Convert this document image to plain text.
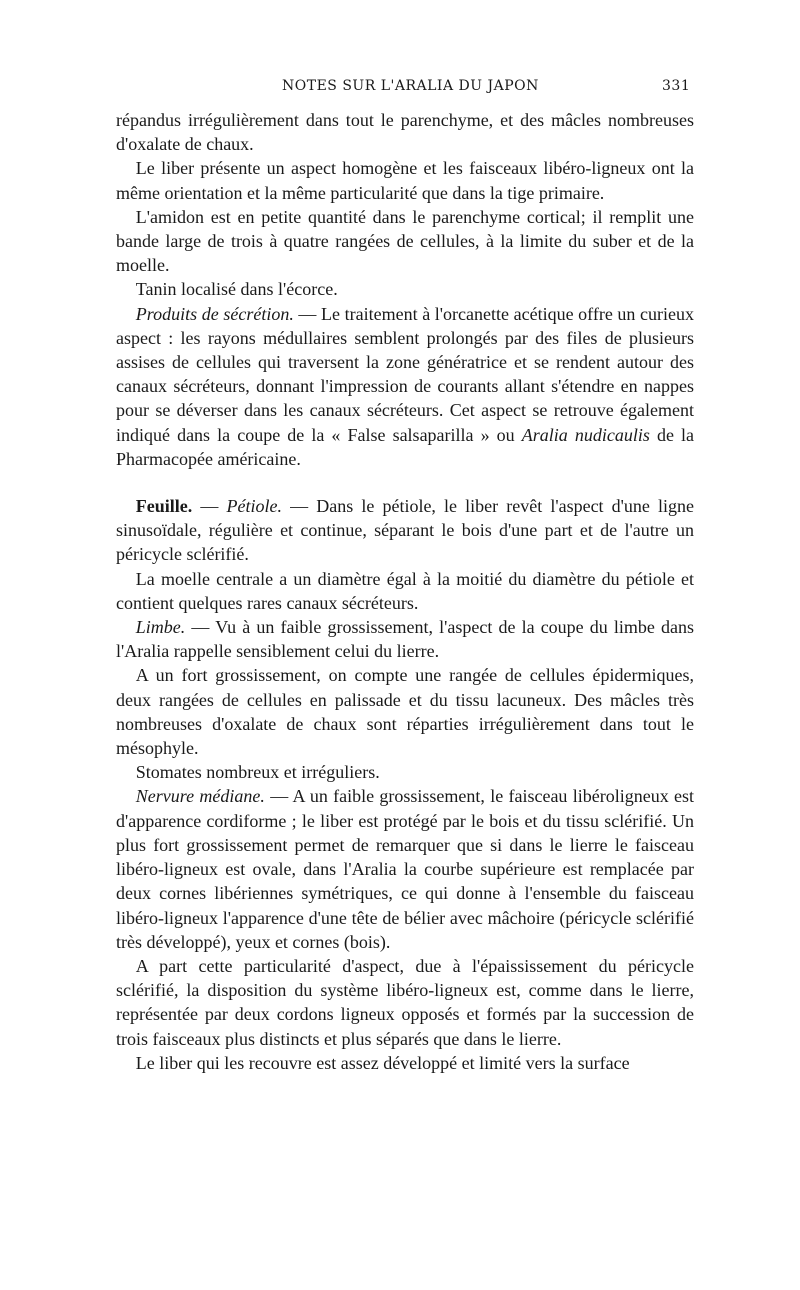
NOTES SUR L'ARALIA DU JAPON	331

répandus irrégulièrement dans tout le parenchyme, et des mâcles nombreuses d'oxalate de chaux.

Le liber présente un aspect homogène et les faisceaux libéro-ligneux ont la même orientation et la même particularité que dans la tige primaire.

L'amidon est en petite quantité dans le parenchyme cortical; il remplit une bande large de trois à quatre rangées de cellules, à la limite du suber et de la moelle.

Tanin localisé dans l'écorce.

Produits de sécrétion. — Le traitement à l'orcanette acétique offre un curieux aspect : les rayons médullaires semblent prolongés par des files de plusieurs assises de cellules qui traversent la zone génératrice et se rendent autour des canaux sécréteurs, donnant l'impression de courants allant s'étendre en nappes pour se déverser dans les canaux sécréteurs. Cet aspect se retrouve également indiqué dans la coupe de la « False salsaparilla » ou Aralia nudicaulis de la Pharmacopée américaine.

Feuille. — Pétiole. — Dans le pétiole, le liber revêt l'aspect d'une ligne sinusoïdale, régulière et continue, séparant le bois d'une part et de l'autre un péricycle sclérifié.

La moelle centrale a un diamètre égal à la moitié du diamètre du pétiole et contient quelques rares canaux sécréteurs.

Limbe. — Vu à un faible grossissement, l'aspect de la coupe du limbe dans l'Aralia rappelle sensiblement celui du lierre.

A un fort grossissement, on compte une rangée de cellules épidermiques, deux rangées de cellules en palissade et du tissu lacuneux. Des mâcles très nombreuses d'oxalate de chaux sont réparties irrégulièrement dans tout le mésophyle.

Stomates nombreux et irréguliers.

Nervure médiane. — A un faible grossissement, le faisceau libéroligneux est d'apparence cordiforme ; le liber est protégé par le bois et du tissu sclérifié. Un plus fort grossissement permet de remarquer que si dans le lierre le faisceau libéro-ligneux est ovale, dans l'Aralia la courbe supérieure est remplacée par deux cornes libériennes symétriques, ce qui donne à l'ensemble du faisceau libéro-ligneux l'apparence d'une tête de bélier avec mâchoire (péricycle sclérifié très développé), yeux et cornes (bois).

A part cette particularité d'aspect, due à l'épaississement du péricycle sclérifié, la disposition du système libéro-ligneux est, comme dans le lierre, représentée par deux cordons ligneux opposés et formés par la succession de trois faisceaux plus distincts et plus séparés que dans le lierre.

Le liber qui les recouvre est assez développé et limité vers la surface
